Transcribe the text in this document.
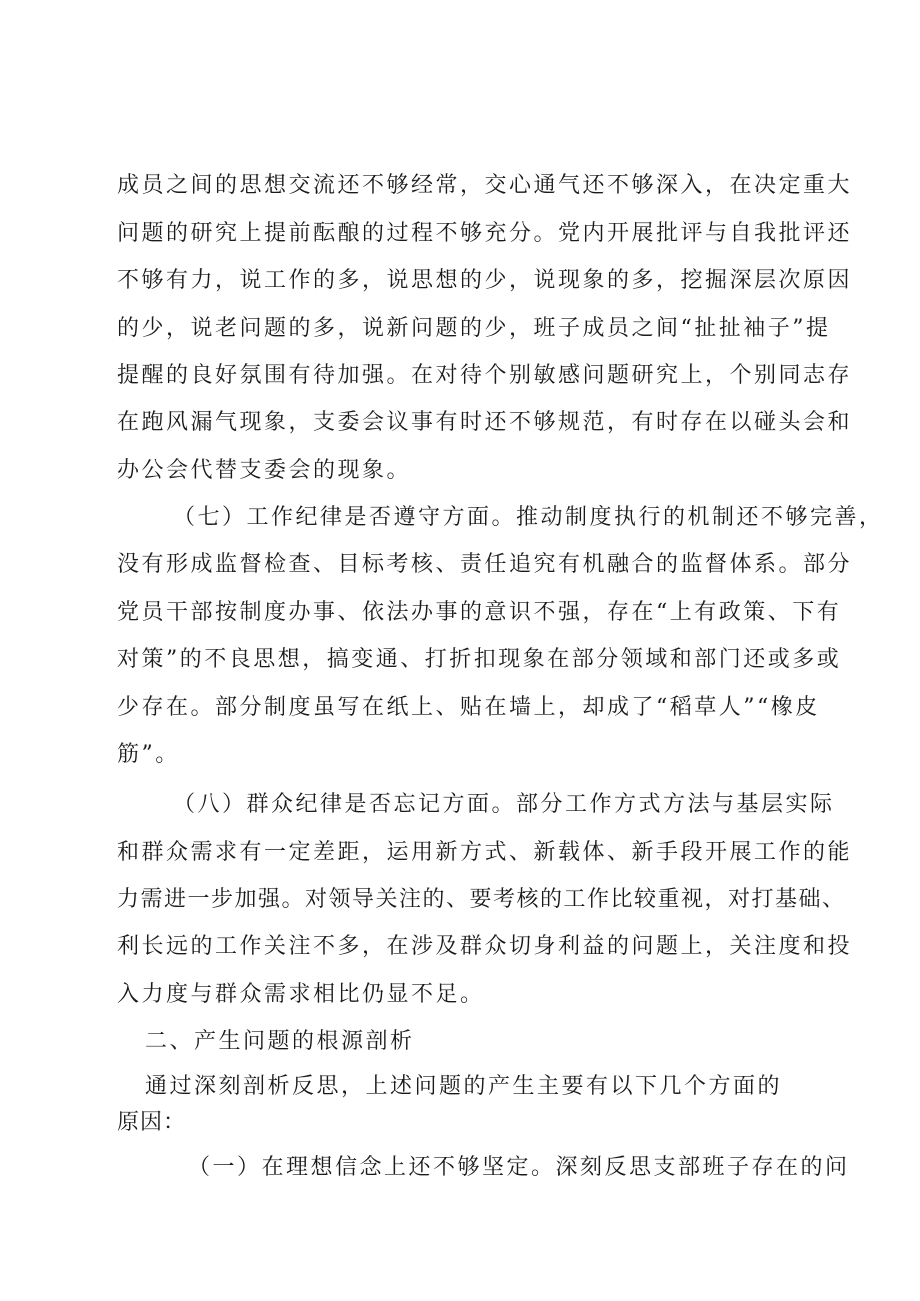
成员之间的思想交流还不够经常，交心通气还不够深入，在决定重大
问题的研究上提前酝酿的过程不够充分。党内开展批评与自我批评还
不够有力，说工作的多，说思想的少，说现象的多，挖掘深层次原因
的少，说老问题的多，说新问题的少，班子成员之间“扯扯袖子”提
提醒的良好氛围有待加强。在对待个别敏感问题研究上，个别同志存
在跑风漏气现象，支委会议事有时还不够规范，有时存在以碰头会和
办公会代替支委会的现象。
（七）工作纪律是否遵守方面。推动制度执行的机制还不够完善，
没有形成监督检查、目标考核、责任追究有机融合的监督体系。部分
党员干部按制度办事、依法办事的意识不强，存在“上有政策、下有
对策”的不良思想，搞变通、打折扣现象在部分领域和部门还或多或
少存在。部分制度虽写在纸上、贴在墙上，却成了“稻草人”“橡皮
筋”。
（八）群众纪律是否忘记方面。部分工作方式方法与基层实际
和群众需求有一定差距，运用新方式、新载体、新手段开展工作的能
力需进一步加强。对领导关注的、要考核的工作比较重视，对打基础、
利长远的工作关注不多，在涉及群众切身利益的问题上，关注度和投
入力度与群众需求相比仍显不足。
二、产生问题的根源剖析
通过深刻剖析反思，上述问题的产生主要有以下几个方面的
原因：
（一）在理想信念上还不够坚定。深刻反思支部班子存在的问
